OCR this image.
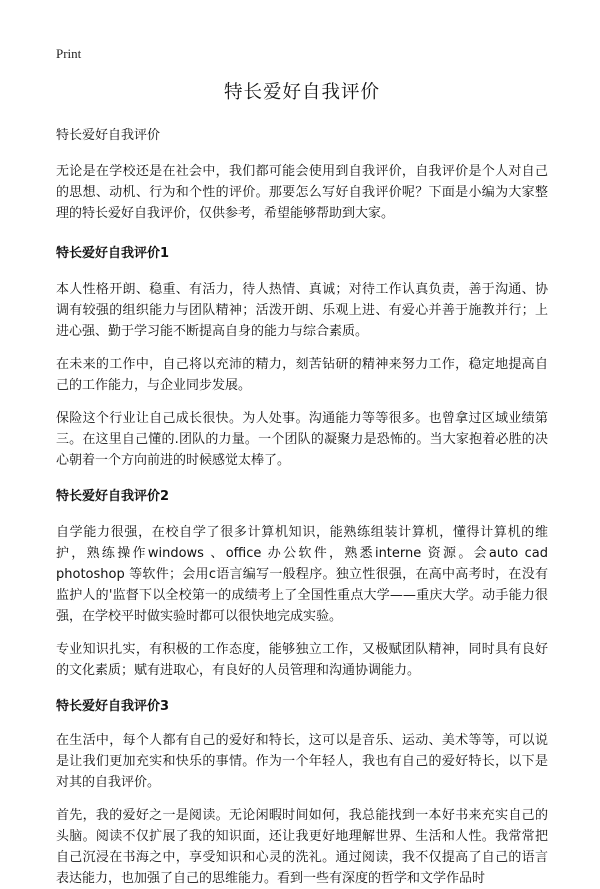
Print
特长爱好自我评价
特长爱好自我评价

无论是在学校还是在社会中，我们都可能会使用到自我评价，自我评价是个人对自己的思想、动机、行为和个性的评价。那要怎么写好自我评价呢？下面是小编为大家整理的特长爱好自我评价，仅供参考，希望能够帮助到大家。

特长爱好自我评价1

本人性格开朗、稳重、有活力，待人热情、真诚；对待工作认真负责，善于沟通、协调有较强的组织能力与团队精神；活泼开朗、乐观上进、有爱心并善于施教并行；上进心强、勤于学习能不断提高自身的能力与综合素质。

在未来的工作中，自己将以充沛的精力，刻苦钻研的精神来努力工作，稳定地提高自己的工作能力，与企业同步发展。

保险这个行业让自己成长很快。为人处事。沟通能力等等很多。也曾拿过区域业绩第三。在这里自己懂的.团队的力量。一个团队的凝聚力是恐怖的。当大家抱着必胜的决心朝着一个方向前进的时候感觉太棒了。

特长爱好自我评价2

自学能力很强，在校自学了很多计算机知识，能熟练组装计算机，懂得计算机的维护，熟练操作windows 、office 办公软件，熟悉interne 资源。会auto cad photoshop 等软件；会用c语言编写一般程序。独立性很强，在高中高考时，在没有监护人的'监督下以全校第一的成绩考上了全国性重点大学——重庆大学。动手能力很强，在学校平时做实验时都可以很快地完成实验。

专业知识扎实，有积极的工作态度，能够独立工作，又极赋团队精神，同时具有良好的文化素质；赋有进取心，有良好的人员管理和沟通协调能力。

特长爱好自我评价3

在生活中，每个人都有自己的爱好和特长，这可以是音乐、运动、美术等等，可以说是让我们更加充实和快乐的事情。作为一个年轻人，我也有自己的爱好特长，以下是对其的自我评价。

首先，我的爱好之一是阅读。无论闲暇时间如何，我总能找到一本好书来充实自己的头脑。阅读不仅扩展了我的知识面，还让我更好地理解世界、生活和人性。我常常把自己沉浸在书海之中，享受知识和心灵的洗礼。通过阅读，我不仅提高了自己的语言表达能力，也加强了自己的思维能力。看到一些有深度的哲学和文学作品时
